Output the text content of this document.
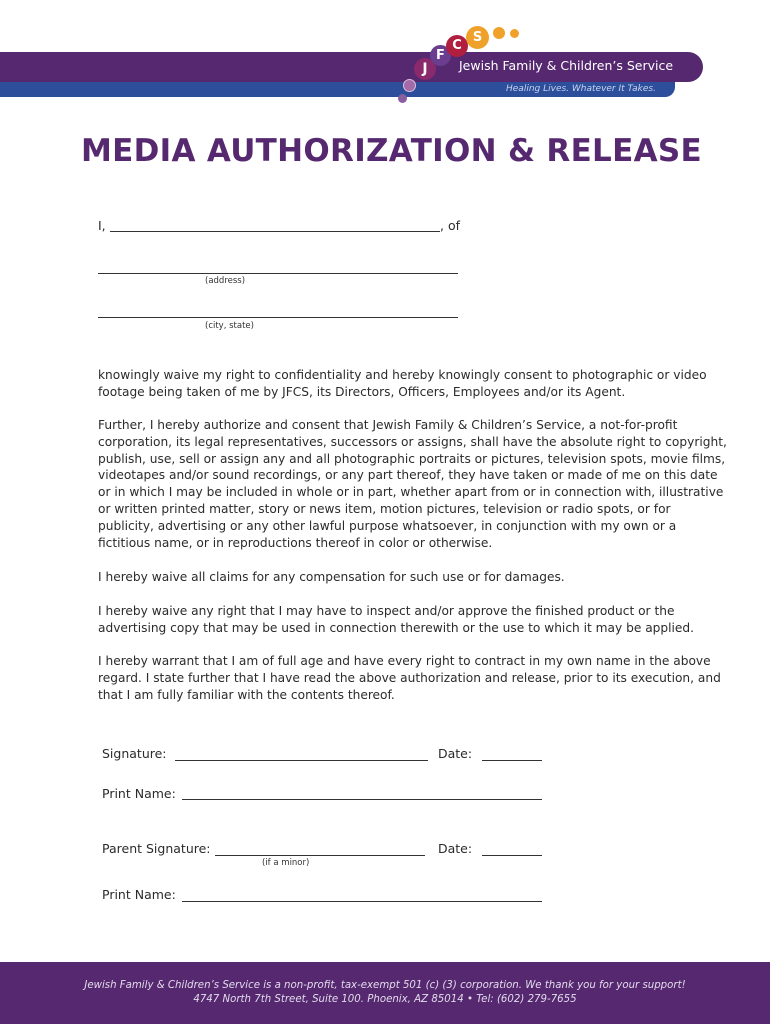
J
F
C
S
Jewish Family & Children’s Service
Healing Lives. Whatever It Takes.
MEDIA AUTHORIZATION & RELEASE
I,	, of
(address)
(city, state)
knowingly waive my right to confidentiality and hereby knowingly consent to photographic or video footage being taken of me by JFCS, its Directors, Officers, Employees and/or its Agent.
Further, I hereby authorize and consent that Jewish Family & Children’s Service, a not-for-profit corporation, its legal representatives, successors or assigns, shall have the absolute right to copyright, publish, use, sell or assign any and all photographic portraits or pictures, television spots, movie films, videotapes and/or sound recordings, or any part thereof, they have taken or made of me on this date or in which I may be included in whole or in part, whether apart from or in connection with, illustrative or written printed matter, story or news item, motion pictures, television or radio spots, or for publicity, advertising or any other lawful purpose whatsoever, in conjunction with my own or a fictitious name, or in reproductions thereof in color or otherwise.
I hereby waive all claims for any compensation for such use or for damages.
I hereby waive any right that I may have to inspect and/or approve the finished product or the advertising copy that may be used in connection therewith or the use to which it may be applied.
I hereby warrant that I am of full age and have every right to contract in my own name in the above regard. I state further that I have read the above authorization and release, prior to its execution, and that I am fully familiar with the contents thereof.
Signature:	Date:
Print Name:
Parent Signature:	Date:
(if a minor)
Print Name:
Jewish Family & Children’s Service is a non-profit, tax-exempt 501 (c) (3) corporation. We thank you for your support!
4747 North 7th Street, Suite 100. Phoenix, AZ 85014 • Tel: (602) 279-7655
